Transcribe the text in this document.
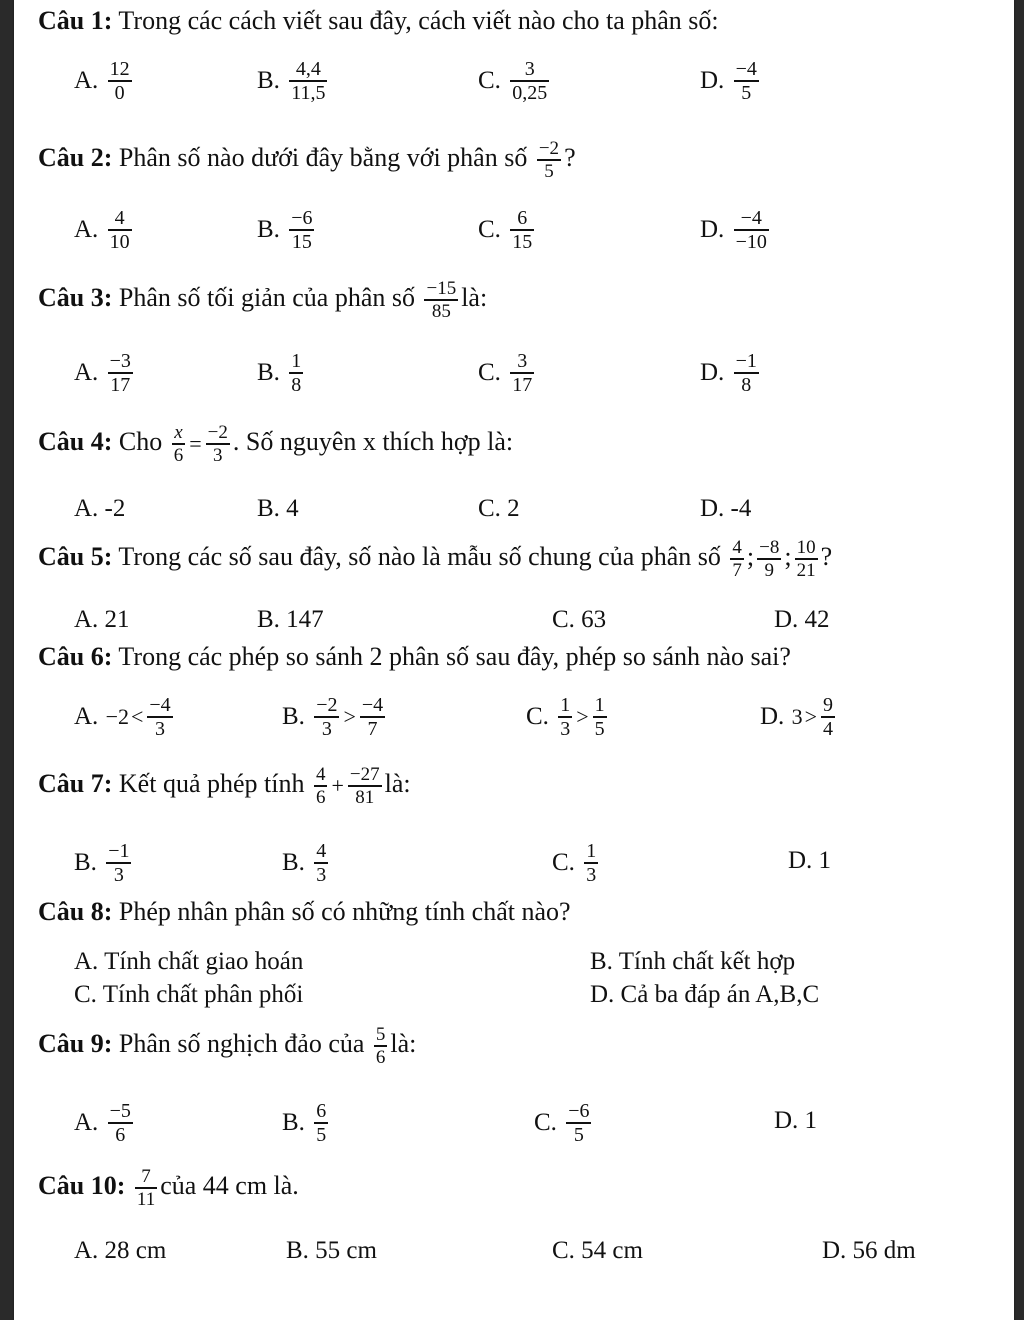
Câu 1: Trong các cách viết sau đây, cách viết nào cho ta phân số:
A. $\frac{12}{0}$	B. $\frac{4,4}{11,5}$	C. $\frac{3}{0,25}$	D. $\frac{-4}{5}$
Câu 2: Phân số nào dưới đây bằng với phân số $\frac{-2}{5}$ ?
A. $\frac{4}{10}$	B. $\frac{-6}{15}$	C. $\frac{6}{15}$	D. $\frac{-4}{-10}$
Câu 3: Phân số tối giản của phân số $\frac{-15}{85}$ là:
A. $\frac{-3}{17}$	B. $\frac{1}{8}$	C. $\frac{3}{17}$	D. $\frac{-1}{8}$
Câu 4: Cho $\frac{x}{6} = \frac{-2}{3}$ . Số nguyên x thích hợp là:
A. -2	B. 4	C. 2	D. -4
Câu 5: Trong các số sau đây, số nào là mẫu số chung của phân số $\frac{4}{7}$ ; $\frac{-8}{9}$ ; $\frac{10}{21}$ ?
A. 21	B. 147	C. 63	D. 42
Câu 6: Trong các phép so sánh 2 phân số sau đây, phép so sánh nào sai?
A. $-2< \frac{-4}{3}$	B. $\frac{-2}{3} > \frac{-4}{7}$	C. $\frac{1}{3} > \frac{1}{5}$	D. $3> \frac{9}{4}$
Câu 7: Kết quả phép tính $\frac{4}{6} + \frac{-27}{81}$ là:
B. $\frac{-1}{3}$	B. $\frac{4}{3}$	C. $\frac{1}{3}$	D. 1
Câu 8: Phép nhân phân số có những tính chất nào?
A. Tính chất giao hoán	B. Tính chất kết hợp
C. Tính chất phân phối	D. Cả ba đáp án A,B,C
Câu 9: Phân số nghịch đảo của $\frac{5}{6}$ là:
A. $\frac{-5}{6}$	B. $\frac{6}{5}$	C. $\frac{-6}{5}$	D. 1
Câu 10: $\frac{7}{11}$ của 44 cm là.
A. 28 cm	B. 55 cm	C. 54 cm	D. 56 dm
